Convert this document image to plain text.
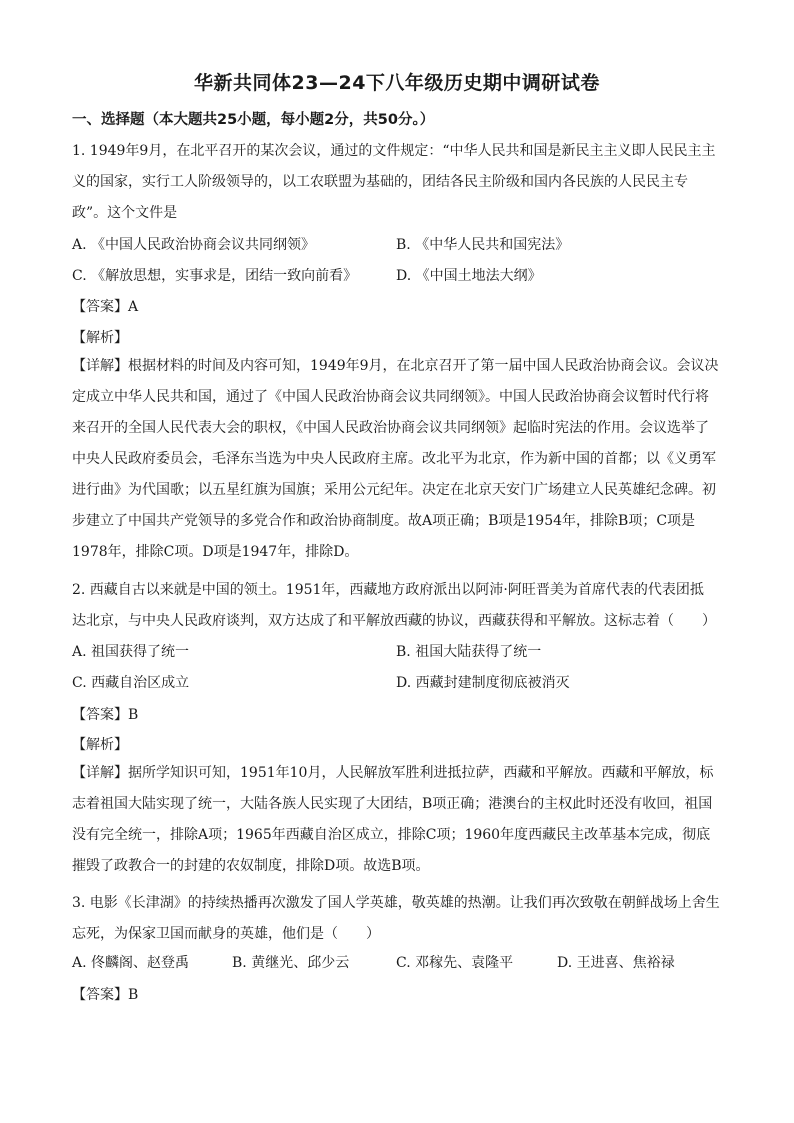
华新共同体23—24下八年级历史期中调研试卷
一、选择题（本大题共25小题，每小题2分，共50分。）
1. 1949年9月，在北平召开的某次会议，通过的文件规定：“中华人民共和国是新民主主义即人民民主主
义的国家，实行工人阶级领导的，以工农联盟为基础的，团结各民主阶级和国内各民族的人民民主专
政”。这个文件是
A. 《中国人民政治协商会议共同纲领》	B. 《中华人民共和国宪法》
C. 《解放思想，实事求是，团结一致向前看》	D. 《中国土地法大纲》
【答案】A
【解析】
【详解】根据材料的时间及内容可知，1949年9月，在北京召开了第一届中国人民政治协商会议。会议决
定成立中华人民共和国，通过了《中国人民政治协商会议共同纲领》。中国人民政治协商会议暂时代行将
来召开的全国人民代表大会的职权，《中国人民政治协商会议共同纲领》起临时宪法的作用。会议选举了
中央人民政府委员会，毛泽东当选为中央人民政府主席。改北平为北京，作为新中国的首都；以《义勇军
进行曲》为代国歌；以五星红旗为国旗；采用公元纪年。决定在北京天安门广场建立人民英雄纪念碑。初
步建立了中国共产党领导的多党合作和政治协商制度。故A项正确；B项是1954年，排除B项；C项是
1978年，排除C项。D项是1947年，排除D。
2. 西藏自古以来就是中国的领土。1951年，西藏地方政府派出以阿沛·阿旺晋美为首席代表的代表团抵
达北京，与中央人民政府谈判，双方达成了和平解放西藏的协议，西藏获得和平解放。这标志着（　　）
A. 祖国获得了统一	B. 祖国大陆获得了统一
C. 西藏自治区成立	D. 西藏封建制度彻底被消灭
【答案】B
【解析】
【详解】据所学知识可知，1951年10月，人民解放军胜利进抵拉萨，西藏和平解放。西藏和平解放，标
志着祖国大陆实现了统一，大陆各族人民实现了大团结，B项正确；港澳台的主权此时还没有收回，祖国
没有完全统一，排除A项；1965年西藏自治区成立，排除C项；1960年度西藏民主改革基本完成，彻底
摧毁了政教合一的封建的农奴制度，排除D项。故选B项。
3. 电影《长津湖》的持续热播再次激发了国人学英雄，敬英雄的热潮。让我们再次致敬在朝鲜战场上舍生
忘死，为保家卫国而献身的英雄，他们是（　　）
A. 佟麟阁、赵登禹	B. 黄继光、邱少云	C. 邓稼先、袁隆平	D. 王进喜、焦裕禄
【答案】B
